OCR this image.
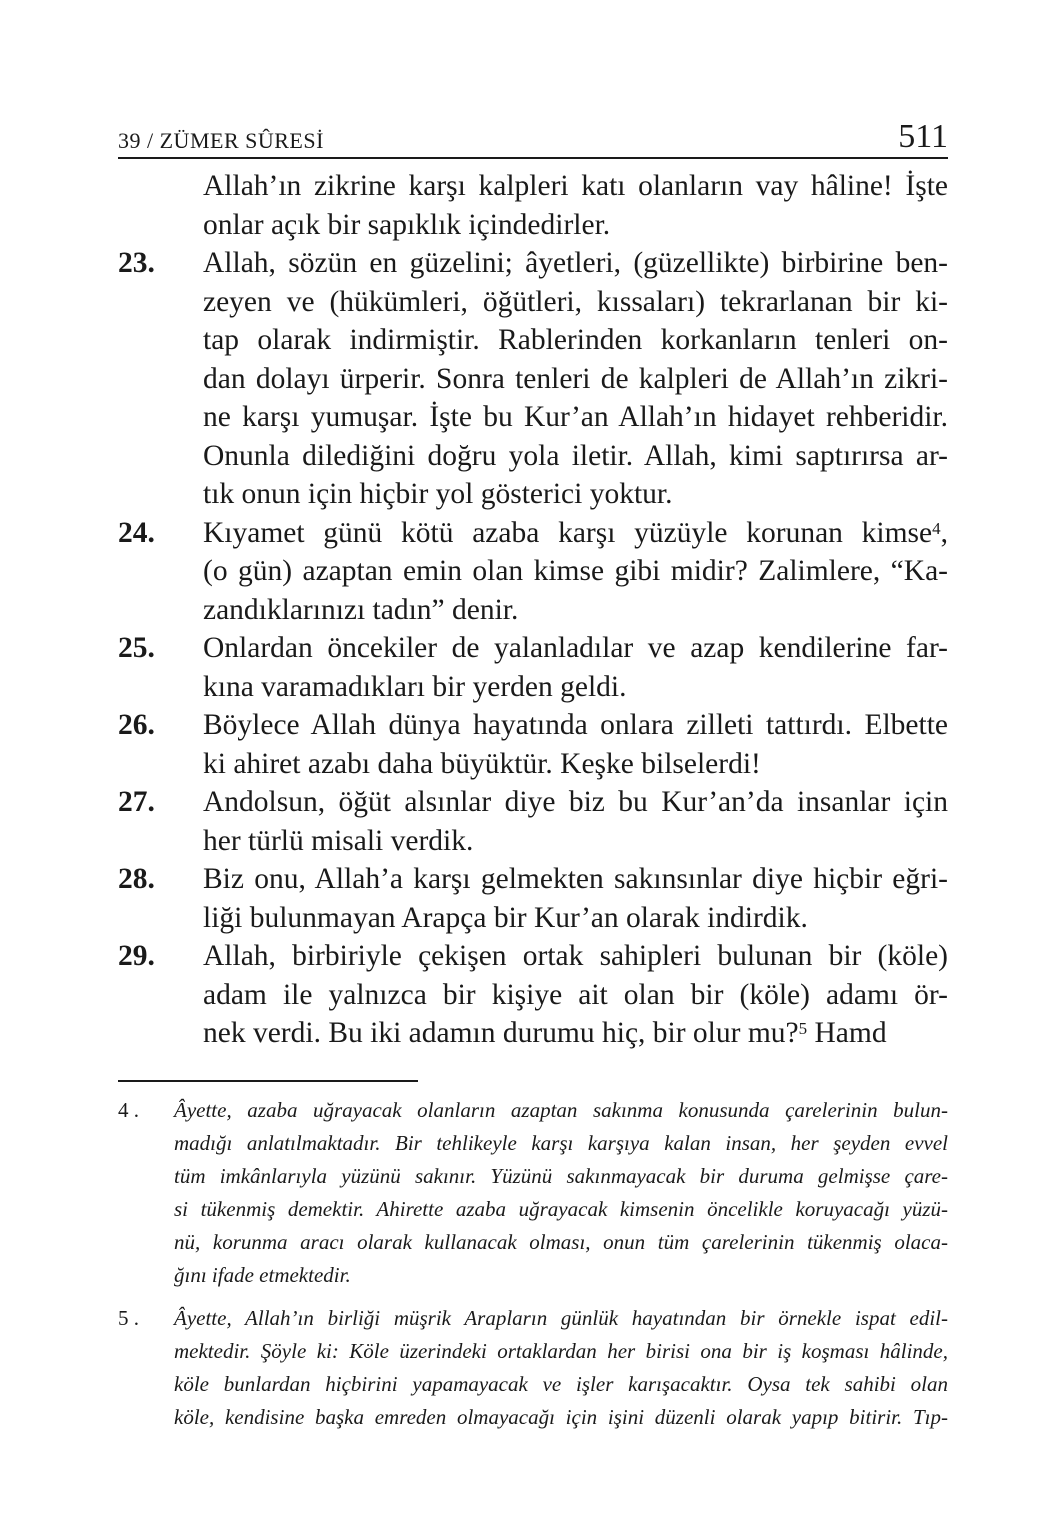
39 / ZÜMER SÛRESİ	511
Allah’ın zikrine karşı kalpleri katı olanların vay hâline! İşte
onlar açık bir sapıklık içindedirler.
23. Allah, sözün en güzelini; âyetleri, (güzellikte) birbirine ben-
zeyen ve (hükümleri, öğütleri, kıssaları) tekrarlanan bir ki-
tap olarak indirmiştir. Rablerinden korkanların tenleri on-
dan dolayı ürperir. Sonra tenleri de kalpleri de Allah’ın zikri-
ne karşı yumuşar. İşte bu Kur’an Allah’ın hidayet rehberidir.
Onunla dilediğini doğru yola iletir. Allah, kimi saptırırsa ar-
tık onun için hiçbir yol gösterici yoktur.
24. Kıyamet günü kötü azaba karşı yüzüyle korunan kimse$^4$,
(o gün) azaptan emin olan kimse gibi midir? Zalimlere, “Ka-
zandıklarınızı tadın” denir.
25. Onlardan öncekiler de yalanladılar ve azap kendilerine far-
kına varamadıkları bir yerden geldi.
26. Böylece Allah dünya hayatında onlara zilleti tattırdı. Elbette
ki ahiret azabı daha büyüktür. Keşke bilselerdi!
27. Andolsun, öğüt alsınlar diye biz bu Kur’an’da insanlar için
her türlü misali verdik.
28. Biz onu, Allah’a karşı gelmekten sakınsınlar diye hiçbir eğri-
liği bulunmayan Arapça bir Kur’an olarak indirdik.
29. Allah, birbiriyle çekişen ortak sahipleri bulunan bir (köle)
adam ile yalnızca bir kişiye ait olan bir (köle) adamı ör-
nek verdi. Bu iki adamın durumu hiç, bir olur mu?$^5$ Hamd
4 . Âyette, azaba uğrayacak olanların azaptan sakınma konusunda çarelerinin bulun-
madığı anlatılmaktadır. Bir tehlikeyle karşı karşıya kalan insan, her şeyden evvel
tüm imkânlarıyla yüzünü sakınır. Yüzünü sakınmayacak bir duruma gelmişse çare-
si tükenmiş demektir. Ahirette azaba uğrayacak kimsenin öncelikle koruyacağı yüzü-
nü, korunma aracı olarak kullanacak olması, onun tüm çarelerinin tükenmiş olaca-
ğını ifade etmektedir.
5 . Âyette, Allah’ın birliği müşrik Arapların günlük hayatından bir örnekle ispat edil-
mektedir. Şöyle ki: Köle üzerindeki ortaklardan her birisi ona bir iş koşması hâlinde,
köle bunlardan hiçbirini yapamayacak ve işler karışacaktır. Oysa tek sahibi olan
köle, kendisine başka emreden olmayacağı için işini düzenli olarak yapıp bitirir. Tıp-
